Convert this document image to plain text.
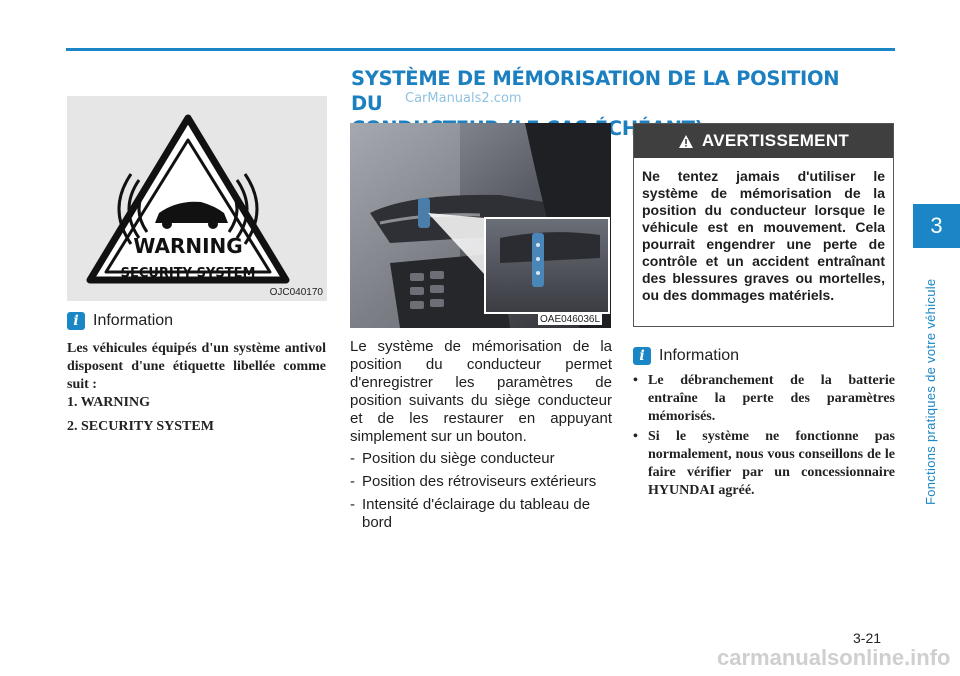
SYSTÈME DE MÉMORISATION DE LA POSITION DU	CarManuals2.com
WARNING
SECURITY SYSTEM
OJC040170
i Information

Les véhicules équipés d'un système antivol disposent d'une étiquette libellée comme suit :

1. WARNING
2. SECURITY SYSTEM
OAE046036L

Le système de mémorisation de la position du conducteur permet d'enregistrer les paramètres de position suivants du siège conducteur et de les restaurer en appuyant simplement sur un bouton.

- Position du siège conducteur
- Position des rétroviseurs extérieurs
- Intensité d'éclairage du tableau de bord
AVERTISSEMENT
Ne tentez jamais d'utiliser le système de mémorisation de la position du conducteur lorsque le véhicule est en mouvement. Cela pourrait engendrer une perte de contrôle et un accident entraînant des blessures graves ou mortelles, ou des dommages matériels.
i Information
• Le débranchement de la batterie entraîne la perte des paramètres mémorisés.
• Si le système ne fonctionne pas normalement, nous vous conseillons de le faire vérifier par un concessionnaire HYUNDAI agréé.
3
Fonctions pratiques de votre véhicule
3-21
carmanualsonline.info
